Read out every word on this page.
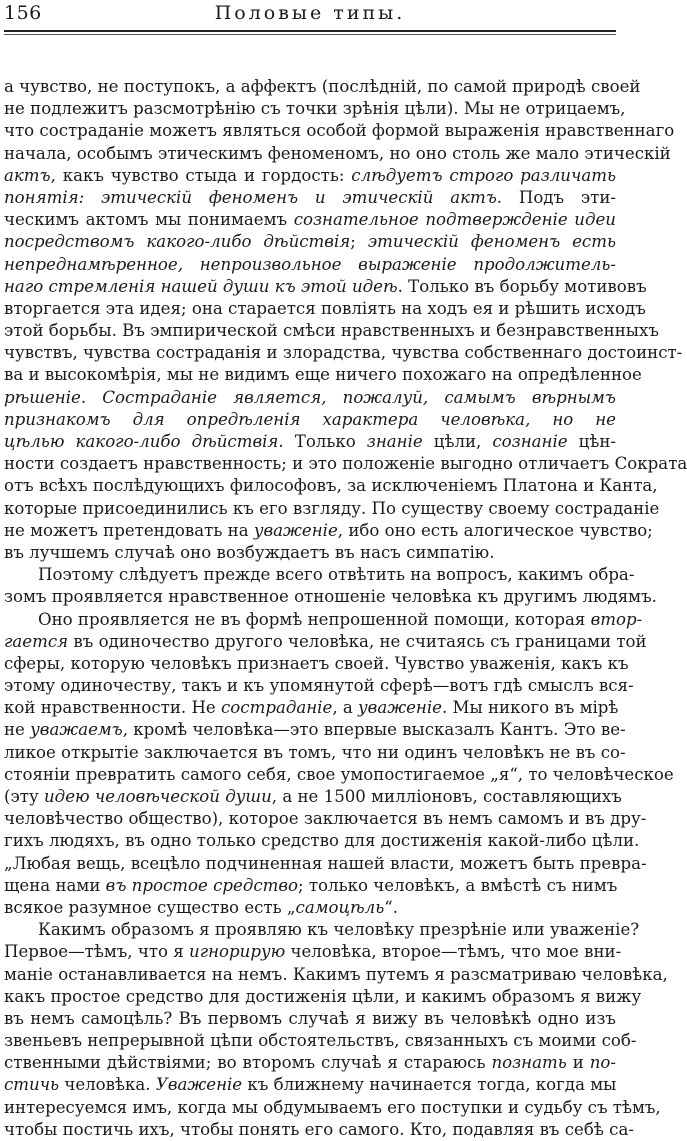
156	Половые типы.
а чувство, не поступокъ, а аффектъ (послѣдній, по самой природѣ своей
не подлежитъ разсмотрѣнію съ точки зрѣнія цѣли). Мы не отрицаемъ,
что состраданіе можетъ являться особой формой выраженія нравственнаго
начала, особымъ этическимъ феноменомъ, но оно столь же мало этическій
актъ, какъ чувство стыда и гордость: слѣдуетъ строго различать
понятія: этическій феноменъ и этическій актъ. Подъ эти‑
ческимъ актомъ мы понимаемъ сознательное подтвержденіе идеи
посредствомъ какого-либо дѣйствія; этическій феноменъ есть
непреднамѣренное, непроизвольное выраженіе продолжитель‑
наго стремленія нашей души къ этой идеѣ. Только въ борьбу мотивовъ
вторгается эта идея; она старается повліять на ходъ ея и рѣшить исходъ
этой борьбы. Въ эмпирической смѣси нравственныхъ и безнравственныхъ
чувствъ, чувства состраданія и злорадства, чувства собственнаго достоинст‑
ва и высокомѣрія, мы не видимъ еще ничего похожаго на опредѣленное
рѣшеніе. Состраданіе является, пожалуй, самымъ вѣрнымъ
признакомъ для опредѣленія характера человѣка, но не
цѣлью какого-либо дѣйствія. Только знаніе цѣли, сознаніе цѣн‑
ности создаетъ нравственность; и это положеніе выгодно отличаетъ Сократа
отъ всѣхъ послѣдующихъ философовъ, за исключеніемъ Платона и Канта,
которые присоединились къ его взгляду. По существу своему состраданіе
не можетъ претендовать на уваженіе, ибо оно есть алогическое чувство;
въ лучшемъ случаѣ оно возбуждаетъ въ насъ симпатію.
Поэтому слѣдуетъ прежде всего отвѣтить на вопросъ, какимъ обра‑
зомъ проявляется нравственное отношеніе человѣка къ другимъ людямъ.
Оно проявляется не въ формѣ непрошенной помощи, которая втор‑
гается въ одиночество другого человѣка, не считаясь съ границами той
сферы, которую человѣкъ признаетъ своей. Чувство уваженія, какъ къ
этому одиночеству, такъ и къ упомянутой сферѣ—вотъ гдѣ смыслъ вся‑
кой нравственности. Не состраданіе, а уваженіе. Мы никого въ мірѣ
не уважаемъ, кромѣ человѣка—это впервые высказалъ Кантъ. Это ве‑
ликое открытіе заключается въ томъ, что ни одинъ человѣкъ не въ со‑
стояніи превратить самого себя, свое умопостигаемое „я“, то человѣческое
(эту идею человѣческой души, а не 1500 милліоновъ, составляющихъ
человѣчество общество), которое заключается въ немъ самомъ и въ дру‑
гихъ людяхъ, въ одно только средство для достиженія какой-либо цѣли.
„Любая вещь, всецѣло подчиненная нашей власти, можетъ быть превра‑
щена нами въ простое средство; только человѣкъ, а вмѣстѣ съ нимъ
всякое разумное существо есть „самоцѣль“.
Какимъ образомъ я проявляю къ человѣку презрѣніе или уваженіе?
Первое—тѣмъ, что я игнорирую человѣка, второе—тѣмъ, что мое вни‑
маніе останавливается на немъ. Какимъ путемъ я разсматриваю человѣка,
какъ простое средство для достиженія цѣли, и какимъ образомъ я вижу
въ немъ самоцѣль? Въ первомъ случаѣ я вижу въ человѣкѣ одно изъ
звеньевъ непрерывной цѣпи обстоятельствъ, связанныхъ съ моими соб‑
ственными дѣйствіями; во второмъ случаѣ я стараюсь познать и по‑
стичь человѣка. Уваженіе къ ближнему начинается тогда, когда мы
интересуемся имъ, когда мы обдумываемъ его поступки и судьбу съ тѣмъ,
чтобы постичь ихъ, чтобы понять его самого. Кто, подавляя въ себѣ са‑
